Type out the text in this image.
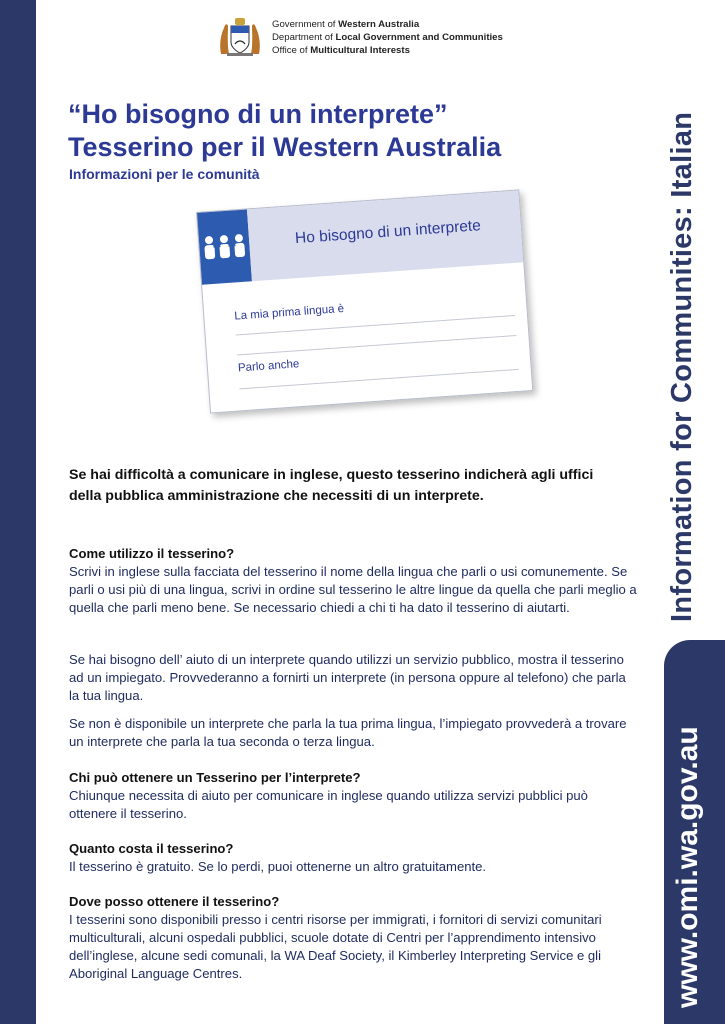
Information for Communities: Italian
www.omi.wa.gov.au
Government of Western Australia
Department of Local Government and Communities
Office of Multicultural Interests
“Ho bisogno di un interprete”
Tesserino per il Western Australia
Informazioni per le comunità
Ho bisogno di un interprete
La mia prima lingua è
Parlo anche

Se hai difficoltà a comunicare in inglese, questo tesserino indicherà agli uffici della pubblica amministrazione che necessiti di un interprete.

Come utilizzo il tesserino?

Scrivi in inglese sulla facciata del tesserino il nome della lingua che parli o usi comunemente. Se parli o usi più di una lingua, scrivi in ordine sul tesserino le altre lingue da quella che parli meglio a quella che parli meno bene. Se necessario chiedi a chi ti ha dato il tesserino di aiutarti.

Se hai bisogno dell’ aiuto di un interprete quando utilizzi un servizio pubblico, mostra il tesserino ad un impiegato. Provvederanno a fornirti un interprete (in persona oppure al telefono) che parla la tua lingua.

Se non è disponibile un interprete che parla la tua prima lingua, l’impiegato provvederà a trovare un interprete che parla la tua seconda o terza lingua.

Chi può ottenere un Tesserino per l’interprete?

Chiunque necessita di aiuto per comunicare in inglese quando utilizza servizi pubblici può ottenere il tesserino.

Quanto costa il tesserino?

Il tesserino è gratuito. Se lo perdi, puoi ottenerne un altro gratuitamente.

Dove posso ottenere il tesserino?

I tesserini sono disponibili presso i centri risorse per immigrati, i fornitori di servizi comunitari multiculturali, alcuni ospedali pubblici, scuole dotate di Centri per l’apprendimento intensivo dell’inglese, alcune sedi comunali, la WA Deaf Society, il Kimberley Interpreting Service e gli Aboriginal Language Centres.
